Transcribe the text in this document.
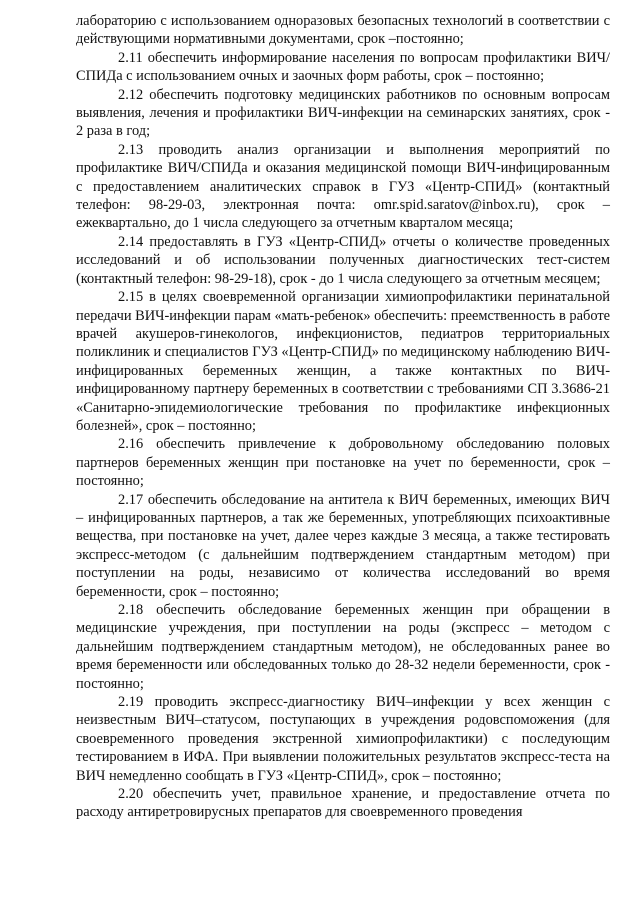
лабораторию с использованием одноразовых безопасных технологий в соответствии с действующими нормативными документами, срок –постоянно;

2.11 обеспечить информирование населения по вопросам профилактики ВИЧ/СПИДа с использованием очных и заочных форм работы, срок – постоянно;

2.12 обеспечить подготовку медицинских работников по основным вопросам выявления, лечения и профилактики ВИЧ-инфекции на семинарских занятиях, срок - 2 раза в год;

2.13 проводить анализ организации и выполнения мероприятий по профилактике ВИЧ/СПИДа и оказания медицинской помощи ВИЧ-инфицированным с предоставлением аналитических справок в ГУЗ «Центр-СПИД» (контактный телефон: 98-29-03, электронная почта: omr.spid.saratov@inbox.ru), срок – ежеквартально, до 1 числа следующего за отчетным кварталом месяца;

2.14 предоставлять в ГУЗ «Центр-СПИД» отчеты о количестве проведенных исследований и об использовании полученных диагностических тест-систем (контактный телефон: 98-29-18), срок - до 1 числа следующего за отчетным месяцем;

2.15 в целях своевременной организации химиопрофилактики перинатальной передачи ВИЧ-инфекции парам «мать-ребенок» обеспечить: преемственность в работе врачей акушеров-гинекологов, инфекционистов, педиатров территориальных поликлиник и специалистов ГУЗ «Центр-СПИД» по медицинскому наблюдению ВИЧ-инфицированных беременных женщин, а также контактных по ВИЧ-инфицированному партнеру беременных в соответствии с требованиями СП 3.3686-21 «Санитарно-эпидемиологические требования по профилактике инфекционных болезней», срок – постоянно;

2.16 обеспечить привлечение к добровольному обследованию половых партнеров беременных женщин при постановке на учет по беременности, срок – постоянно;

2.17 обеспечить обследование на антитела к ВИЧ беременных, имеющих ВИЧ – инфицированных партнеров, а так же беременных, употребляющих психоактивные вещества, при постановке на учет, далее через каждые 3 месяца, а также тестировать экспресс-методом (с дальнейшим подтверждением стандартным методом) при поступлении на роды, независимо от количества исследований во время беременности, срок – постоянно;

2.18 обеспечить обследование беременных женщин при обращении в медицинские учреждения, при поступлении на роды (экспресс – методом с дальнейшим подтверждением стандартным методом), не обследованных ранее во время беременности или обследованных только до 28-32 недели беременности, срок - постоянно;

2.19 проводить экспресс-диагностику ВИЧ–инфекции у всех женщин с неизвестным ВИЧ–статусом, поступающих в учреждения родовспоможения (для своевременного проведения экстренной химиопрофилактики) с последующим тестированием в ИФА. При выявлении положительных результатов экспресс-теста на ВИЧ немедленно сообщать в ГУЗ «Центр-СПИД», срок – постоянно;

2.20 обеспечить учет, правильное хранение, и предоставление отчета по расходу антиретровирусных препаратов для своевременного проведения
